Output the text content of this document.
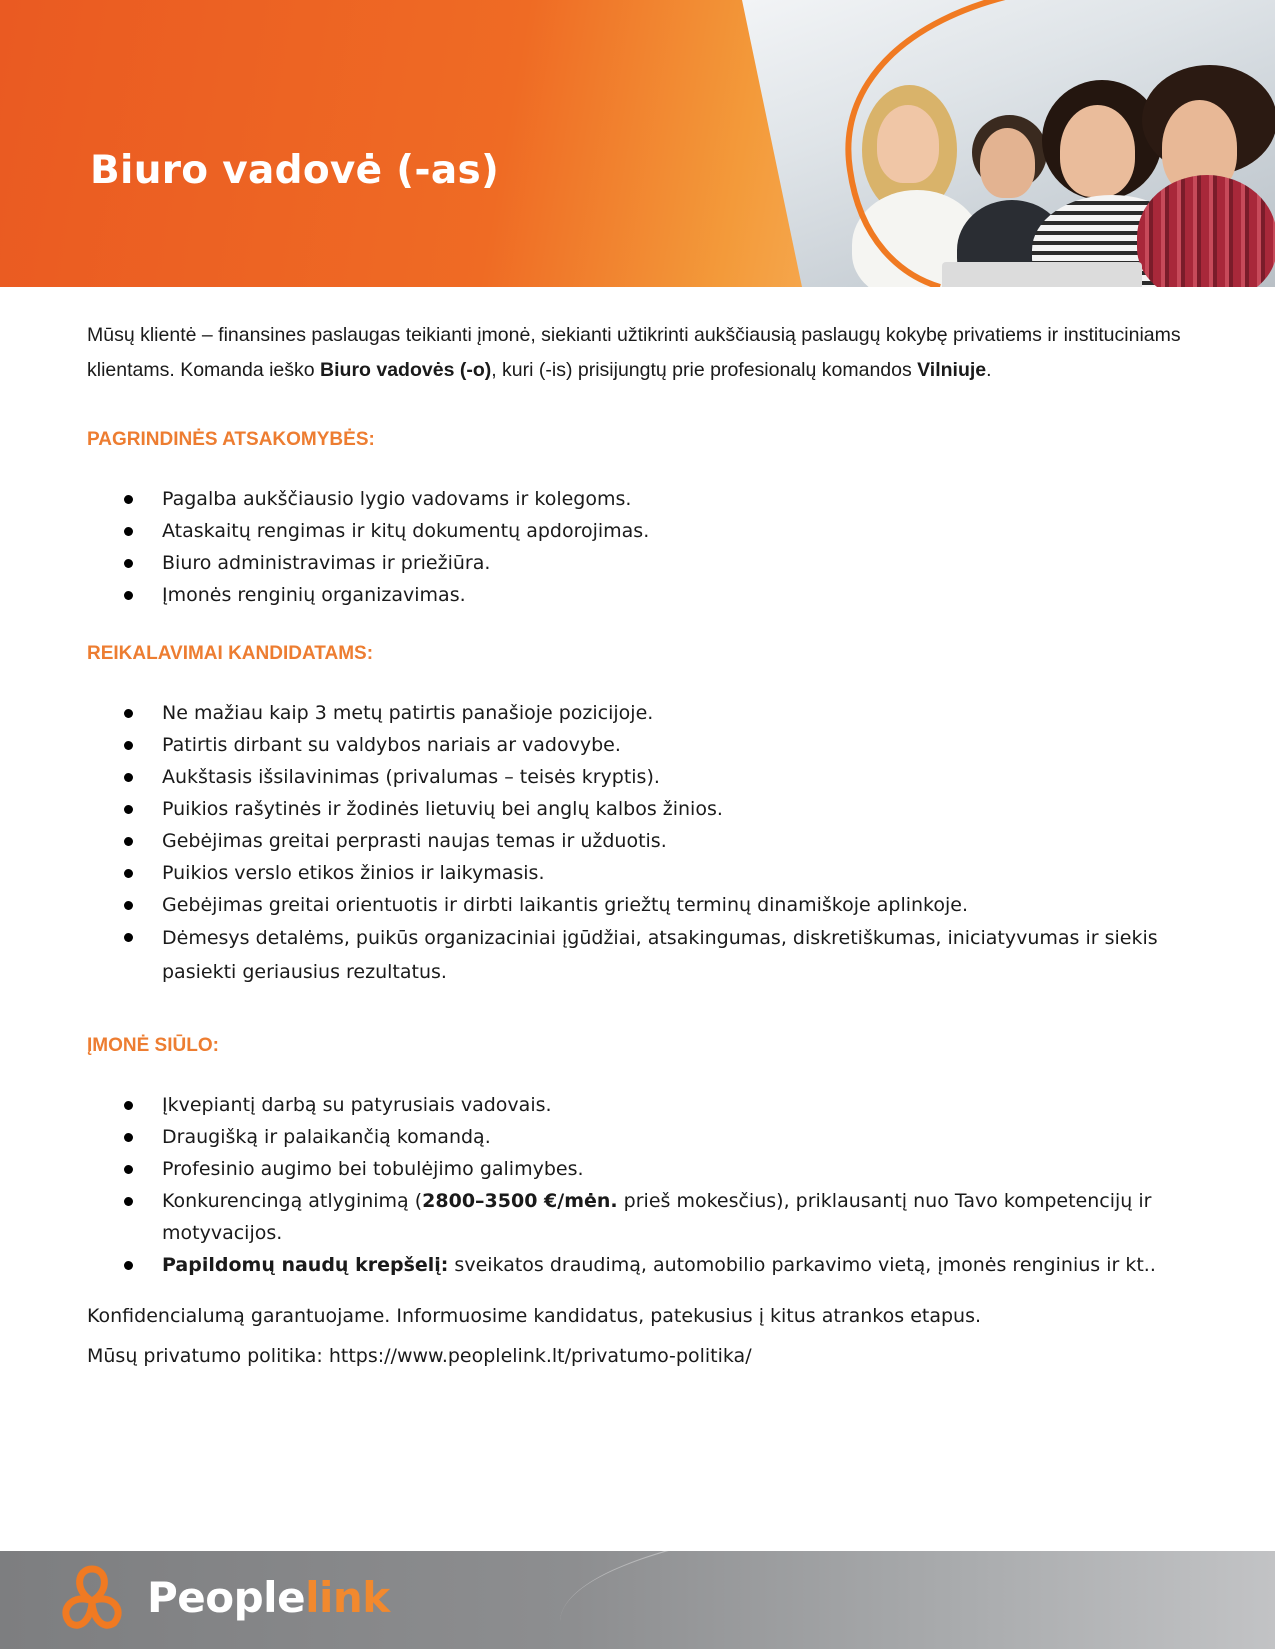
Biuro vadovė (-as)

Mūsų klientė – finansines paslaugas teikianti įmonė, siekianti užtikrinti aukščiausią paslaugų kokybę privatiems ir instituciniams klientams. Komanda ieško Biuro vadovės (-o), kuri (-is) prisijungtų prie profesionalų komandos Vilniuje.

PAGRINDINĖS ATSAKOMYBĖS:

Pagalba aukščiausio lygio vadovams ir kolegoms.
Ataskaitų rengimas ir kitų dokumentų apdorojimas.
Biuro administravimas ir priežiūra.
Įmonės renginių organizavimas.

REIKALAVIMAI KANDIDATAMS:

Ne mažiau kaip 3 metų patirtis panašioje pozicijoje.
Patirtis dirbant su valdybos nariais ar vadovybe.
Aukštasis išsilavinimas (privalumas – teisės kryptis).
Puikios rašytinės ir žodinės lietuvių bei anglų kalbos žinios.
Gebėjimas greitai perprasti naujas temas ir užduotis.
Puikios verslo etikos žinios ir laikymasis.
Gebėjimas greitai orientuotis ir dirbti laikantis griežtų terminų dinamiškoje aplinkoje.
Dėmesys detalėms, puikūs organizaciniai įgūdžiai, atsakingumas, diskretiškumas, iniciatyvumas ir siekis pasiekti geriausius rezultatus.

ĮMONĖ SIŪLO:

Įkvepiantį darbą su patyrusiais vadovais.
Draugišką ir palaikančią komandą.
Profesinio augimo bei tobulėjimo galimybes.
Konkurencingą atlyginimą (2800–3500 €/mėn. prieš mokesčius), priklausantį nuo Tavo kompetencijų ir motyvacijos.
Papildomų naudų krepšelį: sveikatos draudimą, automobilio parkavimo vietą, įmonės renginius ir kt..

Konfidencialumą garantuojame. Informuosime kandidatus, patekusius į kitus atrankos etapus.

Mūsų privatumo politika: https://www.peoplelink.lt/privatumo-politika/

Peoplelink
